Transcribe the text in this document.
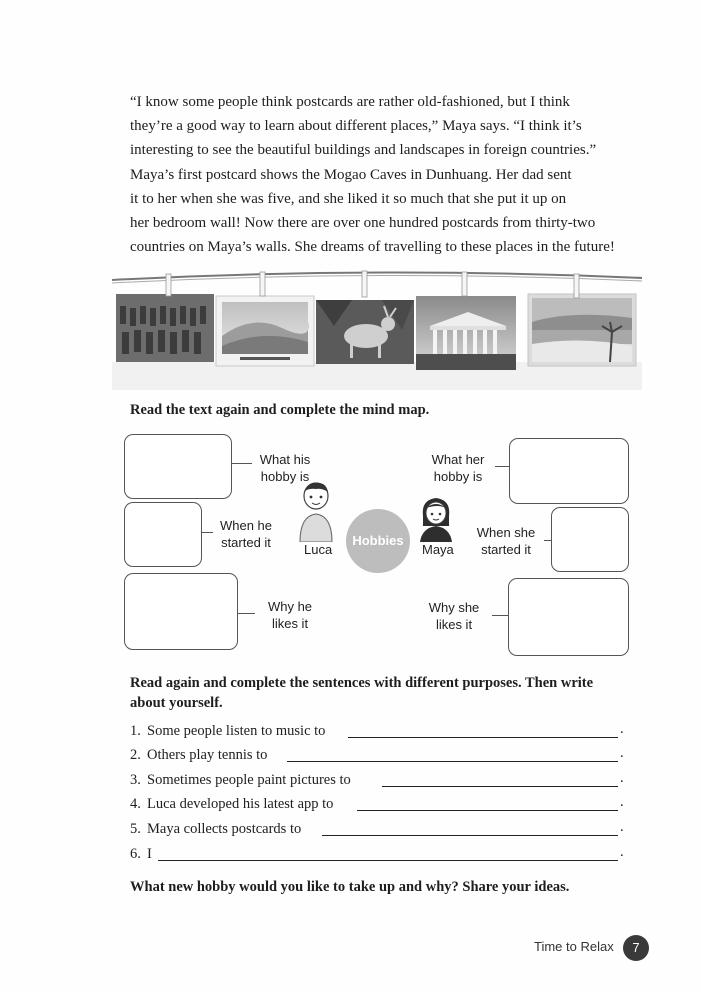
“I know some people think postcards are rather old-fashioned, but I think
they’re a good way to learn about different places,” Maya says. “I think it’s
interesting to see the beautiful buildings and landscapes in foreign countries.”

Maya’s first postcard shows the Mogao Caves in Dunhuang. Her dad sent
it to her when she was five, and she liked it so much that she put it up on
her bedroom wall! Now there are over one hundred postcards from thirty-two
countries on Maya’s walls. She dreams of travelling to these places in the future!

Read the text again and complete the mind map.

What his
hobby is
When he
started it
Why he
likes it
What her
hobby is
When she
started it
Why she
likes it
Luca
Hobbies
Maya
Read again and complete the sentences with different purposes. Then write
about yourself.
1. Some people listen to music to	.
2. Others play tennis to	.
3. Sometimes people paint pictures to	.
4. Luca developed his latest app to	.
5. Maya collects postcards to	.
6. I	.

What new hobby would you like to take up and why? Share your ideas.

Time to Relax	7
